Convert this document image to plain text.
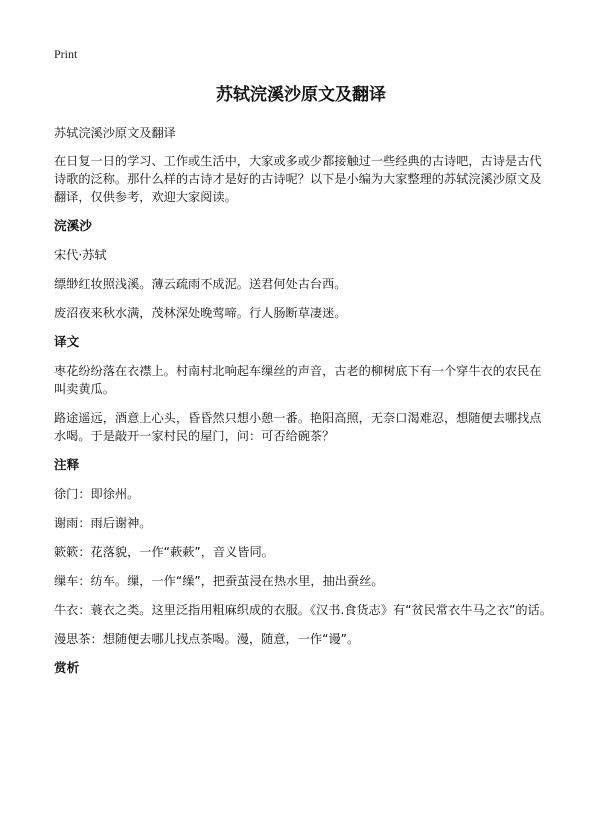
Print
苏轼浣溪沙原文及翻译
苏轼浣溪沙原文及翻译
在日复一日的学习、工作或生活中，大家或多或少都接触过一些经典的古诗吧，古诗是古代诗歌的泛称。那什么样的古诗才是好的古诗呢？以下是小编为大家整理的苏轼浣溪沙原文及翻译，仅供参考，欢迎大家阅读。
浣溪沙
宋代·苏轼
缥缈红妆照浅溪。薄云疏雨不成泥。送君何处古台西。
废沼夜来秋水满，茂林深处晚莺啼。行人肠断草凄迷。
译文
枣花纷纷落在衣襟上。村南村北响起车缫丝的声音，古老的柳树底下有一个穿牛衣的农民在叫卖黄瓜。
路途遥远，酒意上心头，昏昏然只想小憩一番。艳阳高照，无奈口渴难忍，想随便去哪找点水喝。于是敲开一家村民的屋门，问：可否给碗茶？
注释
徐门：即徐州。
谢雨：雨后谢神。
簌簌：花落貌，一作“蔌蔌”，音义皆同。
缫车：纺车。缫，一作“缲”，把蚕茧浸在热水里，抽出蚕丝。
牛衣：蓑衣之类。这里泛指用粗麻织成的衣服。《汉书.食货志》有“贫民常衣牛马之衣”的话。
漫思茶：想随便去哪儿找点茶喝。漫，随意，一作“谩”。
赏析
